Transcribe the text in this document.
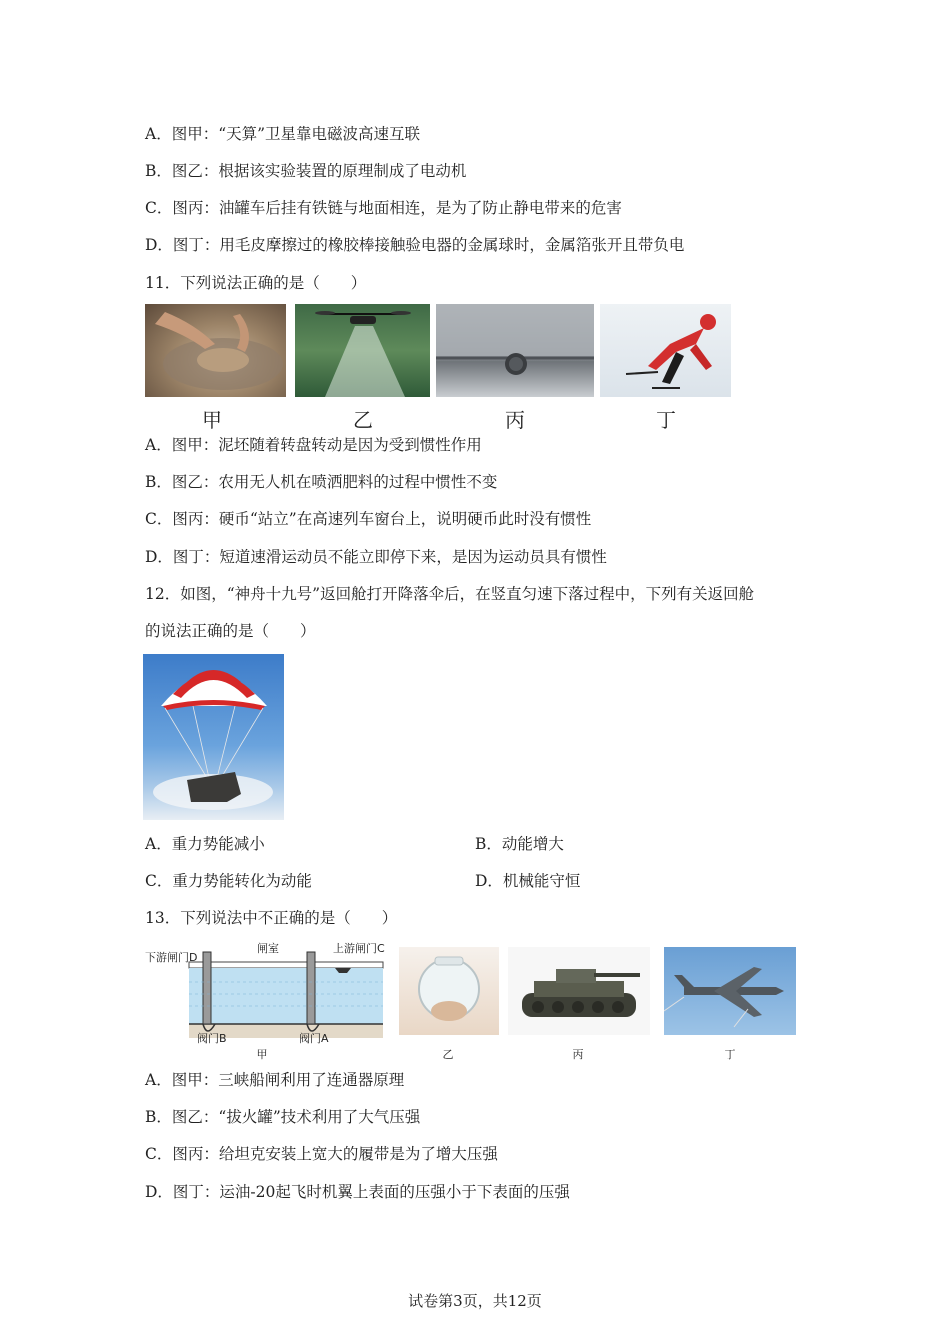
A．图甲：“天算”卫星靠电磁波高速互联
B．图乙：根据该实验装置的原理制成了电动机
C．图丙：油罐车后挂有铁链与地面相连，是为了防止静电带来的危害
D．图丁：用毛皮摩擦过的橡胶棒接触验电器的金属球时，金属箔张开且带负电
11．下列说法正确的是（　　）
甲	乙	丙	丁
A．图甲：泥坯随着转盘转动是因为受到惯性作用
B．图乙：农用无人机在喷洒肥料的过程中惯性不变
C．图丙：硬币“站立”在高速列车窗台上，说明硬币此时没有惯性
D．图丁：短道速滑运动员不能立即停下来，是因为运动员具有惯性
12．如图，“神舟十九号”返回舱打开降落伞后，在竖直匀速下落过程中，下列有关返回舱
的说法正确的是（　　）
A．重力势能减小	B．动能增大
C．重力势能转化为动能	D．机械能守恒
13．下列说法中不正确的是（　　）
下游闸门D
闸室	上游闸门C
阀门B	阀门A
甲	乙	丙	丁
A．图甲：三峡船闸利用了连通器原理
B．图乙：“拔火罐”技术利用了大气压强
C．图丙：给坦克安装上宽大的履带是为了增大压强
D．图丁：运油-20起飞时机翼上表面的压强小于下表面的压强
试卷第3页，共12页
